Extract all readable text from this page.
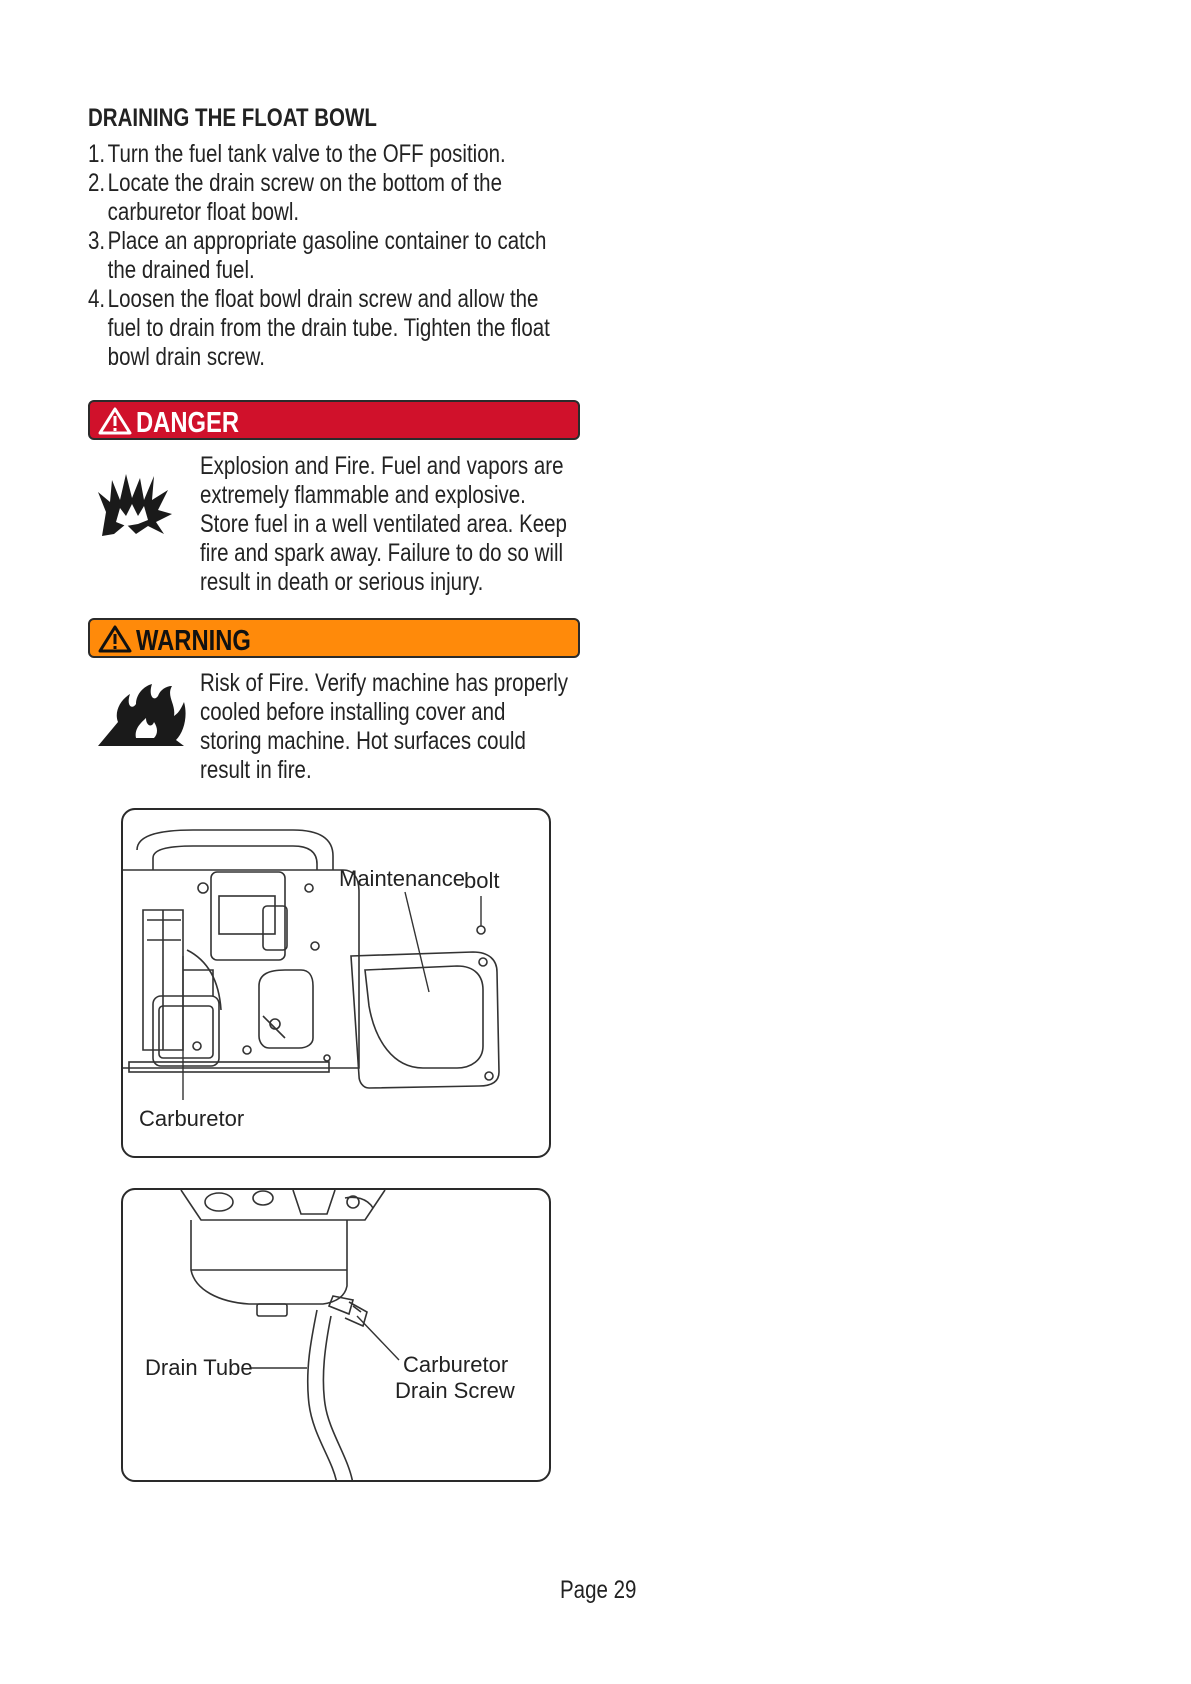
DRAINING THE FLOAT BOWL
1. Turn the fuel tank valve to the OFF position.
2. Locate the drain screw on the bottom of the
carburetor float bowl.
3. Place an appropriate gasoline container to catch
the drained fuel.
4. Loosen the float bowl drain screw and allow the
fuel to drain from the drain tube. Tighten the float
bowl drain screw.
DANGER
Explosion and Fire. Fuel and vapors are
extremely flammable and explosive.
Store fuel in a well ventilated area. Keep
fire and spark away. Failure to do so will
result in death or serious injury.
WARNING
Risk of Fire. Verify machine has properly
cooled before installing cover and
storing machine. Hot surfaces could
result in fire.
Maintenance bolt
Carburetor
Drain Tube	Carburetor
Drain Screw
Page 29
